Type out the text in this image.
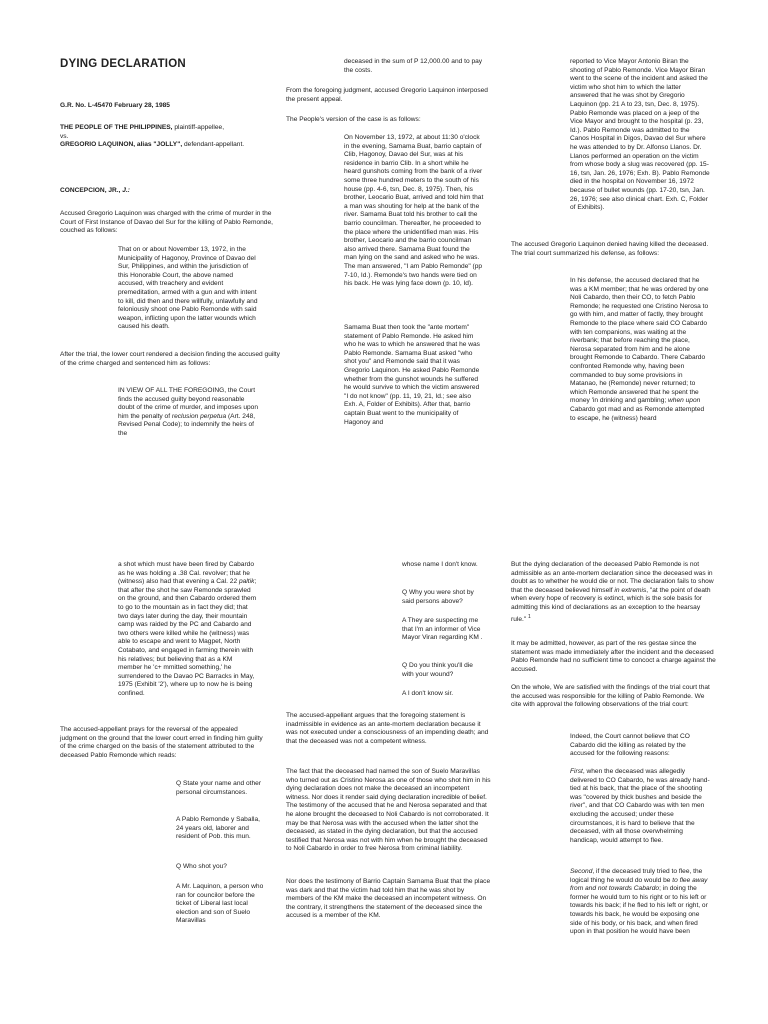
DYING DECLARATION

G.R. No. L-45470 February 28, 1985

THE PEOPLE OF THE PHILIPPINES, plaintiff-appellee,
vs.
GREGORIO LAQUINON, alias "JOLLY", defendant-appellant.

CONCEPCION, JR., J.:

Accused Gregorio Laquinon was charged with the crime of murder in the Court of First Instance of Davao del Sur for the killing of Pablo Remonde, couched as follows:

That on or about November 13, 1972, in the Municipality of Hagonoy, Province of Davao del Sur, Philippines, and within the jurisdiction of this Honorable Court, the above named accused, with treachery and evident premeditation, armed with a gun and with intent to kill, did then and there willfully, unlawfully and feloniously shoot one Pablo Remonde with said weapon, inflicting upon the latter wounds which caused his death.

After the trial, the lower court rendered a decision finding the accused guilty of the crime charged and sentenced him as follows:

IN VIEW OF ALL THE FOREGOING, the Court finds the accused guilty beyond reasonable doubt of the crime of murder, and imposes upon him the penalty of reclusion perpetua (Art. 248, Revised Penal Code); to indemnify the heirs of the

deceased in the sum of P 12,000.00 and to pay the costs.

From the foregoing judgment, accused Gregorio Laquinon interposed the present appeal.

The People's version of the case is as follows:

On November 13, 1972, at about 11:30 o'clock in the evening, Samama Buat, barrio captain of Clib, Hagonoy, Davao del Sur, was at his residence in barrio Clib. In a short while he heard gunshots coming from the bank of a river some three hundred meters to the south of his house (pp. 4-6, tsn, Dec. 8, 1975). Then, his brother, Leocario Buat, arrived and told him that a man was shouting for help at the bank of the river. Samama Buat told his brother to call the barrio councilman. Thereafter, he proceeded to the place where the unidentified man was. His brother, Leocario and the barrio councilman also arrived there. Samama Buat found the man lying on the sand and asked who he was. The man answered, "I am Pablo Remonde" (pp 7-10, Id.). Remonde's two hands were tied on his back. He was lying face down (p. 10, Id).

Samama Buat then took the "ante mortem" statement of Pablo Remonde. He asked him who he was to which he answered that he was Pablo Remonde. Samama Buat asked "who shot you" and Remonde said that it was Gregorio Laquinon. He asked Pablo Remonde whether from the gunshot wounds he suffered he would survive to which the victim answered "I do not know" (pp. 11, 19, 21, Id.; see also Exh. A, Folder of Exhibits). After that, barrio captain Buat went to the municipality of Hagonoy and

reported to Vice Mayor Antonio Biran the shooting of Pablo Remonde. Vice Mayor Biran went to the scene of the incident and asked the victim who shot him to which the latter answered that he was shot by Gregorio Laquinon (pp. 21 A to 23, tsn, Dec. 8, 1975). Pablo Remonde was placed on a jeep of the Vice Mayor and brought to the hospital (p. 23, Id.). Pablo Remonde was admitted to the Canos Hospital in Digos, Davao del Sur where he was attended to by Dr. Alfonso Llanos. Dr. Llanos performed an operation on the victim from whose body a slug was recovered (pp. 15-16, tsn, Jan. 26, 1976; Exh. B). Pablo Remonde died in the hospital on November 16, 1972 because of bullet wounds (pp. 17-20, tsn, Jan. 26, 1976; see also clinical chart. Exh. C, Folder of Exhibits).

The accused Gregorio Laquinon denied having killed the deceased. The trial court summarized his defense, as follows:

In his defense, the accused declared that he was a KM member; that he was ordered by one Noli Cabardo, then their CO, to fetch Pablo Remonde; he requested one Cristino Nerosa to go with him, and matter of factly, they brought Remonde to the place where said CO Cabardo with ten companions, was waiting at the riverbank; that before reaching the place, Nerosa separated from him and he alone brought Remonde to Cabardo. There Cabardo confronted Remonde why, having been commanded to buy some provisions in Matanao, he (Remonde) never returned; to which Remonde answered that he spent the money 'in drinking and gambling; when upon Cabardo got mad and as Remonde attempted to escape, he (witness) heard

a shot which must have been fired by Cabardo as he was holding a .38 Cal. revolver; that he (witness) also had that evening a Cal. 22 paltik; that after the shot he saw Remonde sprawled on the ground, and then Cabardo ordered them to go to the mountain as in fact they did; that two days later during the day, their mountain camp was raided by the PC and Cabardo and two others were killed while he (witness) was able to escape and went to Magpet, North Cotabato, and engaged in farming therein with his relatives; but believing that as a KM member he 'c+ mmitted something,' he surrendered to the Davao PC Barracks in May, 1975 (Exhibit '2'), where up to now he is being confined.

The accused-appellant prays for the reversal of the appealed judgment on the ground that the lower court erred in finding him guilty of the crime charged on the basis of the statement attributed to the deceased Pablo Remonde which reads:

Q State your name and other personal circumstances.

A Pablo Remonde y Saballa, 24 years old, laborer and resident of Pob. this mun.

Q Who shot you?

A Mr. Laquinon, a person who ran for councilor before the ticket of Liberal last local election and son of Suelo Maravillas

whose name I don't know.

Q Why you were shot by said persons above?

A They are suspecting me that I'm an informer of Vice Mayor Viran regarding KM .

Q Do you think you'll die with your wound?

A I don't know sir.

The accused-appellant argues that the foregoing statement is inadmissible in evidence as an ante-mortem declaration because it was not executed under a consciousness of an impending death; and that the deceased was not a competent witness.

The fact that the deceased had named the son of Suelo Maravillas who turned out as Cristino Nerosa as one of those who shot him in his dying declaration does not make the deceased an incompetent witness. Nor does it render said dying declaration incredible of belief. The testimony of the accused that he and Nerosa separated and that he alone brought the deceased to Noli Cabardo is not corroborated. It may be that Nerosa was with the accused when the latter shot the deceased, as stated in the dying declaration, but that the accused testified that Nerosa was not with him when he brought the deceased to Noli Cabardo in order to free Nerosa from criminal liability.

Nor does the testimony of Barrio Captain Samama Buat that the place was dark and that the victim had told him that he was shot by members of the KM make the deceased an incompetent witness. On the contrary, it strengthens the statement of the deceased since the accused is a member of the KM.

But the dying declaration of the deceased Pablo Remonde is not admissible as an ante-mortem declaration since the deceased was in doubt as to whether he would die or not. The declaration fails to show that the deceased believed himself in extremis, "at the point of death when every hope of recovery is extinct, which is the sole basis for admitting this kind of declarations as an exception to the hearsay rule." $^1$

It may be admitted, however, as part of the res gestae since the statement was made immediately after the incident and the deceased Pablo Remonde had no sufficient time to concoct a charge against the accused.

On the whole, We are satisfied with the findings of the trial court that the accused was responsible for the killing of Pablo Remonde. We cite with approval the following observations of the trial court:

Indeed, the Court cannot believe that CO Cabardo did the killing as related by the accused for the following reasons:

First, when the deceased was allegedly delivered to CO Cabardo, he was already hand-tied at his back, that the place of the shooting was "covered by thick bushes and beside the river", and that CO Cabardo was with ten men excluding the accused; under these circumstances, it is hard to believe that the deceased, with all those overwhelming handicap, would attempt to flee.

Second, if the deceased truly tried to flee, the logical thing he would do would be to flee away from and not towards Cabardo; in doing the former he would turn to his right or to his left or towards his back; if he fled to his left or right, or towards his back, he would be exposing one side of his body, or his back, and when fired upon in that position he would have been
